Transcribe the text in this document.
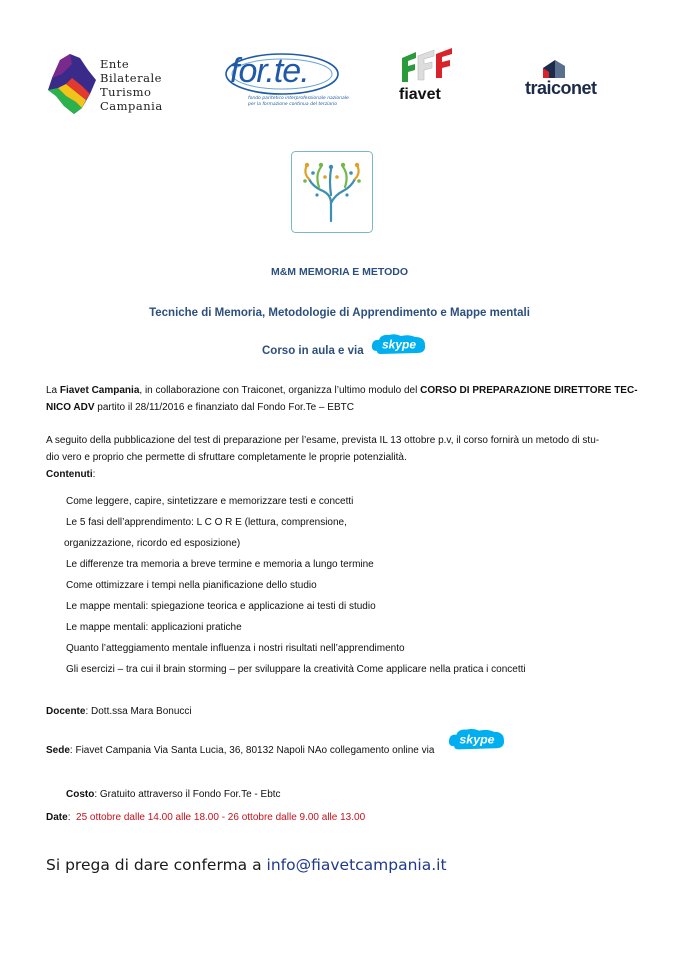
Ente
Bilaterale
Turismo
Campania
for.te.
fondo paritetico interprofessionale nazionale
per la formazione continua del terziario
fiavet	traiconet
M&M MEMORIA E METODO
Tecniche di Memoria, Metodologie di Apprendimento e Mappe mentali
Corso in aula e via skype
La Fiavet Campania, in collaborazione con Traiconet, organizza l’ultimo modulo del CORSO DI PREPARAZIONE DIRETTORE TEC-
NICO ADV partito il 28/11/2016 e finanziato dal Fondo For.Te – EBTC
A seguito della pubblicazione del test di preparazione per l’esame, prevista IL 13 ottobre p.v, il corso fornirà un metodo di stu-
dio vero e proprio che permette di sfruttare completamente le proprie potenzialità.
Contenuti:
Come leggere, capire, sintetizzare e memorizzare testi e concetti
Le 5 fasi dell’apprendimento: L C O R E (lettura, comprensione,
organizzazione, ricordo ed esposizione)
Le differenze tra memoria a breve termine e memoria a lungo termine
Come ottimizzare i tempi nella pianificazione dello studio
Le mappe mentali: spiegazione teorica e applicazione ai testi di studio
Le mappe mentali: applicazioni pratiche
Quanto l’atteggiamento mentale influenza i nostri risultati nell’apprendimento
Gli esercizi – tra cui il brain storming – per sviluppare la creatività Come applicare nella pratica i concetti
Docente: Dott.ssa Mara Bonucci
Sede: Fiavet Campania Via Santa Lucia, 36, 80132 Napoli NAo collegamento online via
skype
Costo: Gratuito attraverso il Fondo For.Te - Ebtc
Date: 25 ottobre dalle 14.00 alle 18.00 - 26 ottobre dalle 9.00 alle 13.00
Si prega di dare conferma a info@fiavetcampania.it
